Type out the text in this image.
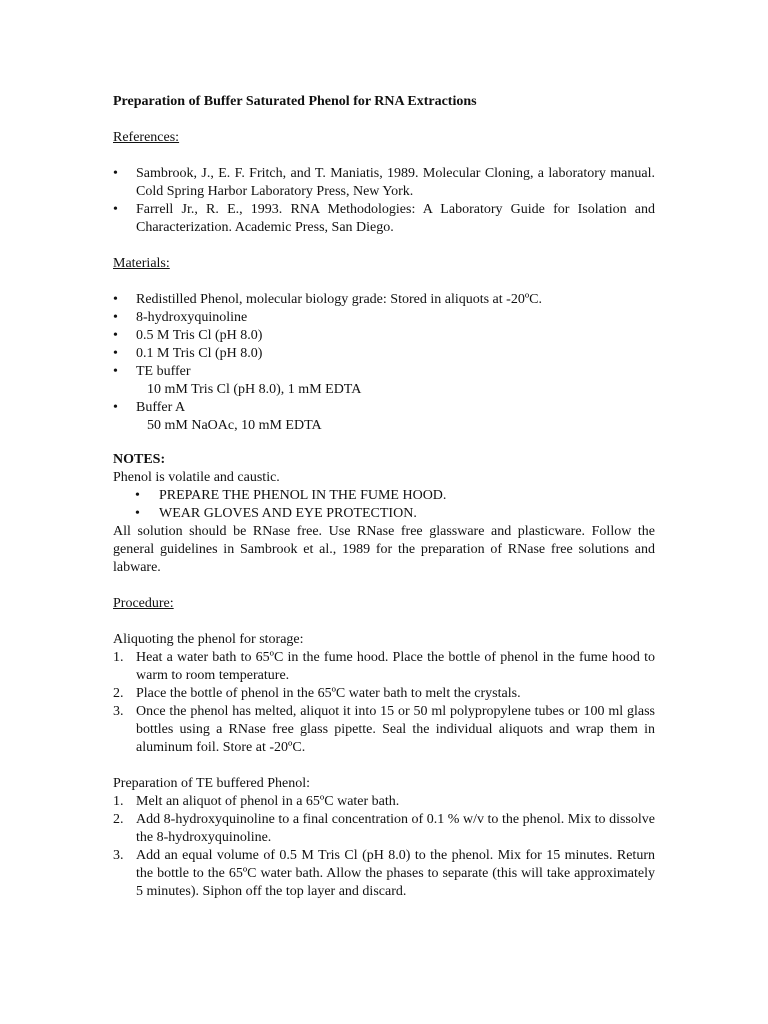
Preparation of Buffer Saturated Phenol for RNA Extractions
References:
• Sambrook, J., E. F. Fritch, and T. Maniatis, 1989. Molecular Cloning, a laboratory manual. Cold Spring Harbor Laboratory Press, New York.
• Farrell Jr., R. E., 1993. RNA Methodologies: A Laboratory Guide for Isolation and Characterization. Academic Press, San Diego.
Materials:
• Redistilled Phenol, molecular biology grade: Stored in aliquots at -20ºC.
• 8-hydroxyquinoline
• 0.5 M Tris Cl (pH 8.0)
• 0.1 M Tris Cl (pH 8.0)
• TE buffer
10 mM Tris Cl (pH 8.0), 1 mM EDTA
• Buffer A
50 mM NaOAc, 10 mM EDTA
NOTES:
Phenol is volatile and caustic.
• PREPARE THE PHENOL IN THE FUME HOOD.
• WEAR GLOVES AND EYE PROTECTION.
All solution should be RNase free. Use RNase free glassware and plasticware. Follow the general guidelines in Sambrook et al., 1989 for the preparation of RNase free solutions and labware.
Procedure:
Aliquoting the phenol for storage:
1. Heat a water bath to 65ºC in the fume hood. Place the bottle of phenol in the fume hood to warm to room temperature.
2. Place the bottle of phenol in the 65ºC water bath to melt the crystals.
3. Once the phenol has melted, aliquot it into 15 or 50 ml polypropylene tubes or 100 ml glass bottles using a RNase free glass pipette. Seal the individual aliquots and wrap them in aluminum foil. Store at -20ºC.
Preparation of TE buffered Phenol:
1. Melt an aliquot of phenol in a 65ºC water bath.
2. Add 8-hydroxyquinoline to a final concentration of 0.1 % w/v to the phenol. Mix to dissolve the 8-hydroxyquinoline.
3. Add an equal volume of 0.5 M Tris Cl (pH 8.0) to the phenol. Mix for 15 minutes. Return the bottle to the 65ºC water bath. Allow the phases to separate (this will take approximately 5 minutes). Siphon off the top layer and discard.
